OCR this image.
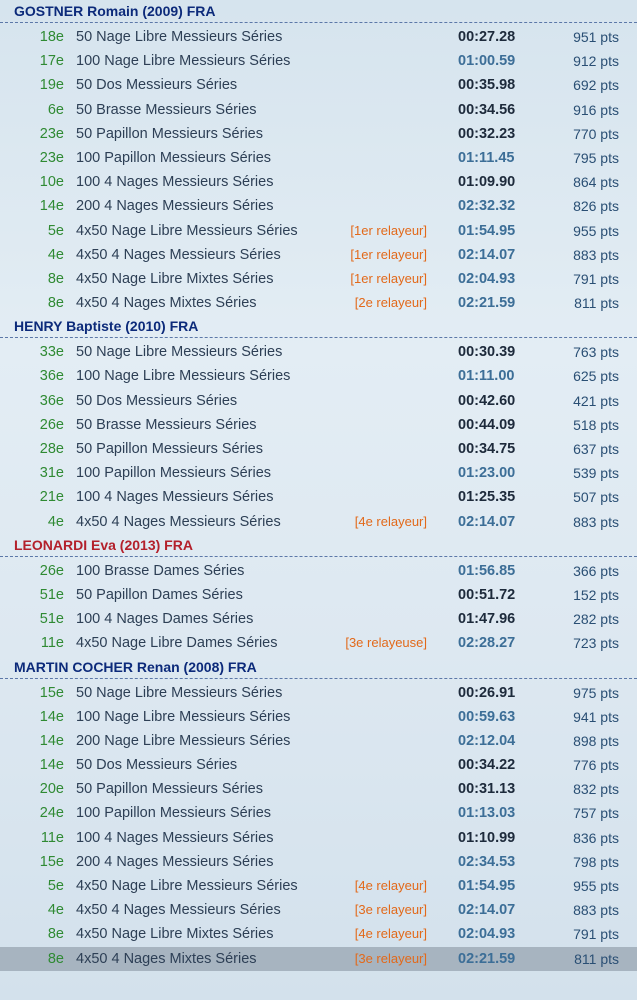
GOSTNER Romain (2009) FRA
18e 50 Nage Libre Messieurs Séries	00:27.28	951 pts
17e 100 Nage Libre Messieurs Séries	01:00.59	912 pts
19e 50 Dos Messieurs Séries	00:35.98	692 pts
6e 50 Brasse Messieurs Séries	00:34.56	916 pts
23e 50 Papillon Messieurs Séries	00:32.23	770 pts
23e 100 Papillon Messieurs Séries	01:11.45	795 pts
10e 100 4 Nages Messieurs Séries	01:09.90	864 pts
14e 200 4 Nages Messieurs Séries	02:32.32	826 pts
5e 4x50 Nage Libre Messieurs Séries	[1er relayeur] 01:54.95	955 pts
4e 4x50 4 Nages Messieurs Séries	[1er relayeur] 02:14.07	883 pts
8e 4x50 Nage Libre Mixtes Séries	[1er relayeur] 02:04.93	791 pts
8e 4x50 4 Nages Mixtes Séries	[2e relayeur] 02:21.59	811 pts
HENRY Baptiste (2010) FRA
33e 50 Nage Libre Messieurs Séries	00:30.39	763 pts
36e 100 Nage Libre Messieurs Séries	01:11.00	625 pts
36e 50 Dos Messieurs Séries	00:42.60	421 pts
26e 50 Brasse Messieurs Séries	00:44.09	518 pts
28e 50 Papillon Messieurs Séries	00:34.75	637 pts
31e 100 Papillon Messieurs Séries	01:23.00	539 pts
21e 100 4 Nages Messieurs Séries	01:25.35	507 pts
4e 4x50 4 Nages Messieurs Séries	[4e relayeur] 02:14.07	883 pts
LEONARDI Eva (2013) FRA
26e 100 Brasse Dames Séries	01:56.85	366 pts
51e 50 Papillon Dames Séries	00:51.72	152 pts
51e 100 4 Nages Dames Séries	01:47.96	282 pts
11e 4x50 Nage Libre Dames Séries	[3e relayeuse] 02:28.27	723 pts
MARTIN COCHER Renan (2008) FRA
15e 50 Nage Libre Messieurs Séries	00:26.91	975 pts
14e 100 Nage Libre Messieurs Séries	00:59.63	941 pts
14e 200 Nage Libre Messieurs Séries	02:12.04	898 pts
14e 50 Dos Messieurs Séries	00:34.22	776 pts
20e 50 Papillon Messieurs Séries	00:31.13	832 pts
24e 100 Papillon Messieurs Séries	01:13.03	757 pts
11e 100 4 Nages Messieurs Séries	01:10.99	836 pts
15e 200 4 Nages Messieurs Séries	02:34.53	798 pts
5e 4x50 Nage Libre Messieurs Séries	[4e relayeur] 01:54.95	955 pts
4e 4x50 4 Nages Messieurs Séries	[3e relayeur] 02:14.07	883 pts
8e 4x50 Nage Libre Mixtes Séries	[4e relayeur] 02:04.93	791 pts
8e 4x50 4 Nages Mixtes Séries	[3e relayeur] 02:21.59	811 pts
